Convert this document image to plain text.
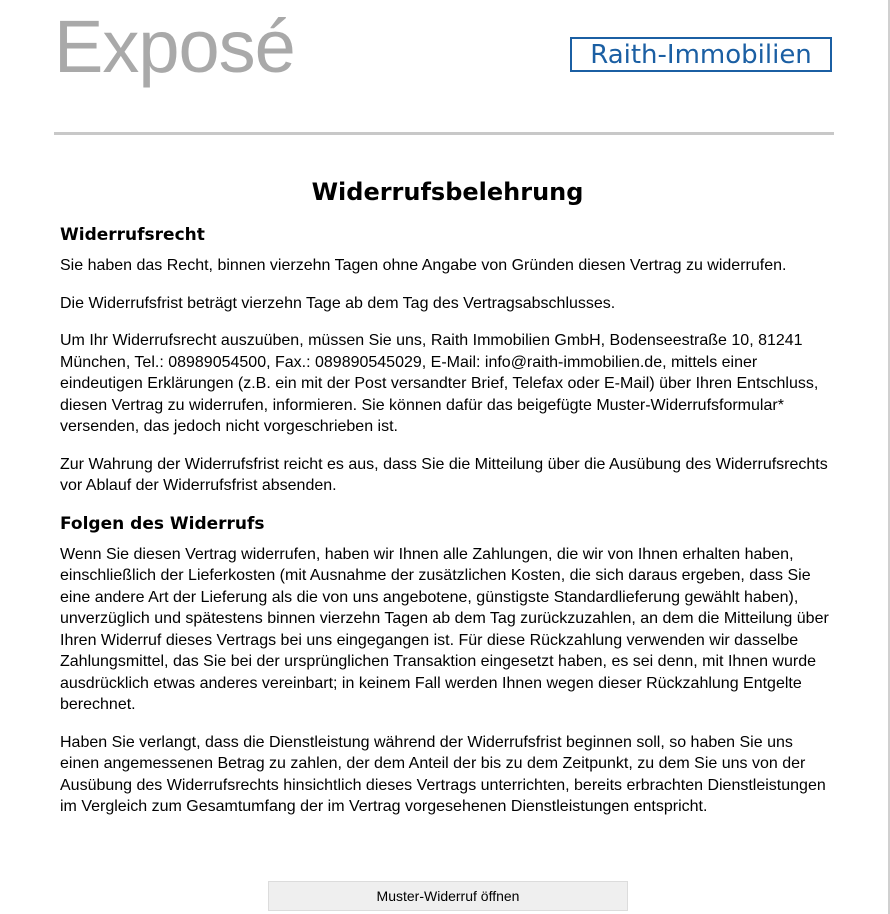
Exposé	Raith-Immobilien
Widerrufsbelehrung
Widerrufsrecht

Sie haben das Recht, binnen vierzehn Tagen ohne Angabe von Gründen diesen Vertrag zu widerrufen.

Die Widerrufsfrist beträgt vierzehn Tage ab dem Tag des Vertragsabschlusses.

Um Ihr Widerrufsrecht auszuüben, müssen Sie uns, Raith Immobilien GmbH, Bodenseestraße 10, 81241 München, Tel.: 08989054500, Fax.: 089890545029, E-Mail: info@raith-immobilien.de, mittels einer eindeutigen Erklärungen (z.B. ein mit der Post versandter Brief, Telefax oder E-Mail) über Ihren Entschluss, diesen Vertrag zu widerrufen, informieren. Sie können dafür das beigefügte Muster-Widerrufsformular* versenden, das jedoch nicht vorgeschrieben ist.

Zur Wahrung der Widerrufsfrist reicht es aus, dass Sie die Mitteilung über die Ausübung des Widerrufsrechts vor Ablauf der Widerrufsfrist absenden.

Folgen des Widerrufs

Wenn Sie diesen Vertrag widerrufen, haben wir Ihnen alle Zahlungen, die wir von Ihnen erhalten haben, einschließlich der Lieferkosten (mit Ausnahme der zusätzlichen Kosten, die sich daraus ergeben, dass Sie eine andere Art der Lieferung als die von uns angebotene, günstigste Standardlieferung gewählt haben), unverzüglich und spätestens binnen vierzehn Tagen ab dem Tag zurückzuzahlen, an dem die Mitteilung über Ihren Widerruf dieses Vertrags bei uns eingegangen ist. Für diese Rückzahlung verwenden wir dasselbe Zahlungsmittel, das Sie bei der ursprünglichen Transaktion eingesetzt haben, es sei denn, mit Ihnen wurde ausdrücklich etwas anderes vereinbart; in keinem Fall werden Ihnen wegen dieser Rückzahlung Entgelte berechnet.

Haben Sie verlangt, dass die Dienstleistung während der Widerrufsfrist beginnen soll, so haben Sie uns einen angemessenen Betrag zu zahlen, der dem Anteil der bis zu dem Zeitpunkt, zu dem Sie uns von der Ausübung des Widerrufsrechts hinsichtlich dieses Vertrags unterrichten, bereits erbrachten Dienstleistungen im Vergleich zum Gesamtumfang der im Vertrag vorgesehenen Dienstleistungen entspricht.

Muster-Widerruf öffnen
